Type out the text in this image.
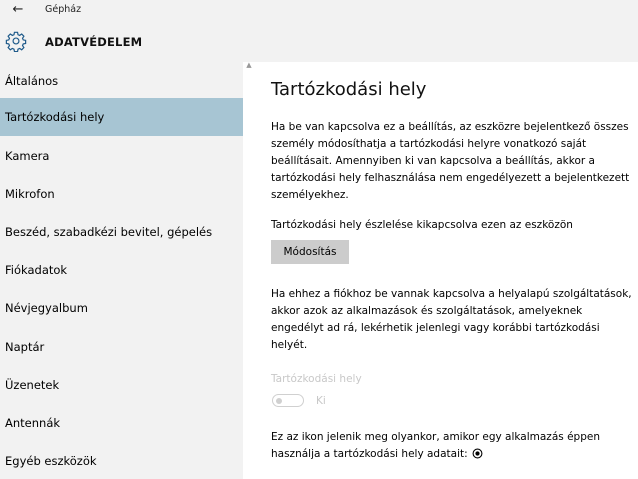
←	Gépház
ADATVÉDELEM
Általános
Tartózkodási hely
Kamera
Mikrofon
Beszéd, szabadkézi bevitel, gépelés
Fiókadatok
Névjegyalbum
Naptár
Üzenetek
Antennák
Egyéb eszközök
▲
Tartózkodási hely
Ha be van kapcsolva ez a beállítás, az eszközre bejelentkező összes személy módosíthatja a tartózkodási helyre vonatkozó saját beállításait. Amennyiben ki van kapcsolva a beállítás, akkor a tartózkodási hely felhasználása nem engedélyezett a bejelentkezett személyekhez.
Tartózkodási hely észlelése kikapcsolva ezen az eszközön
Módosítás
Ha ehhez a fiókhoz be vannak kapcsolva a helyalapú szolgáltatások, akkor azok az alkalmazások és szolgáltatások, amelyeknek engedélyt ad rá, lekérhetik jelenlegi vagy korábbi tartózkodási helyét.
Tartózkodási hely
Ki
Ez az ikon jelenik meg olyankor, amikor egy alkalmazás éppen használja a tartózkodási hely adatait:
